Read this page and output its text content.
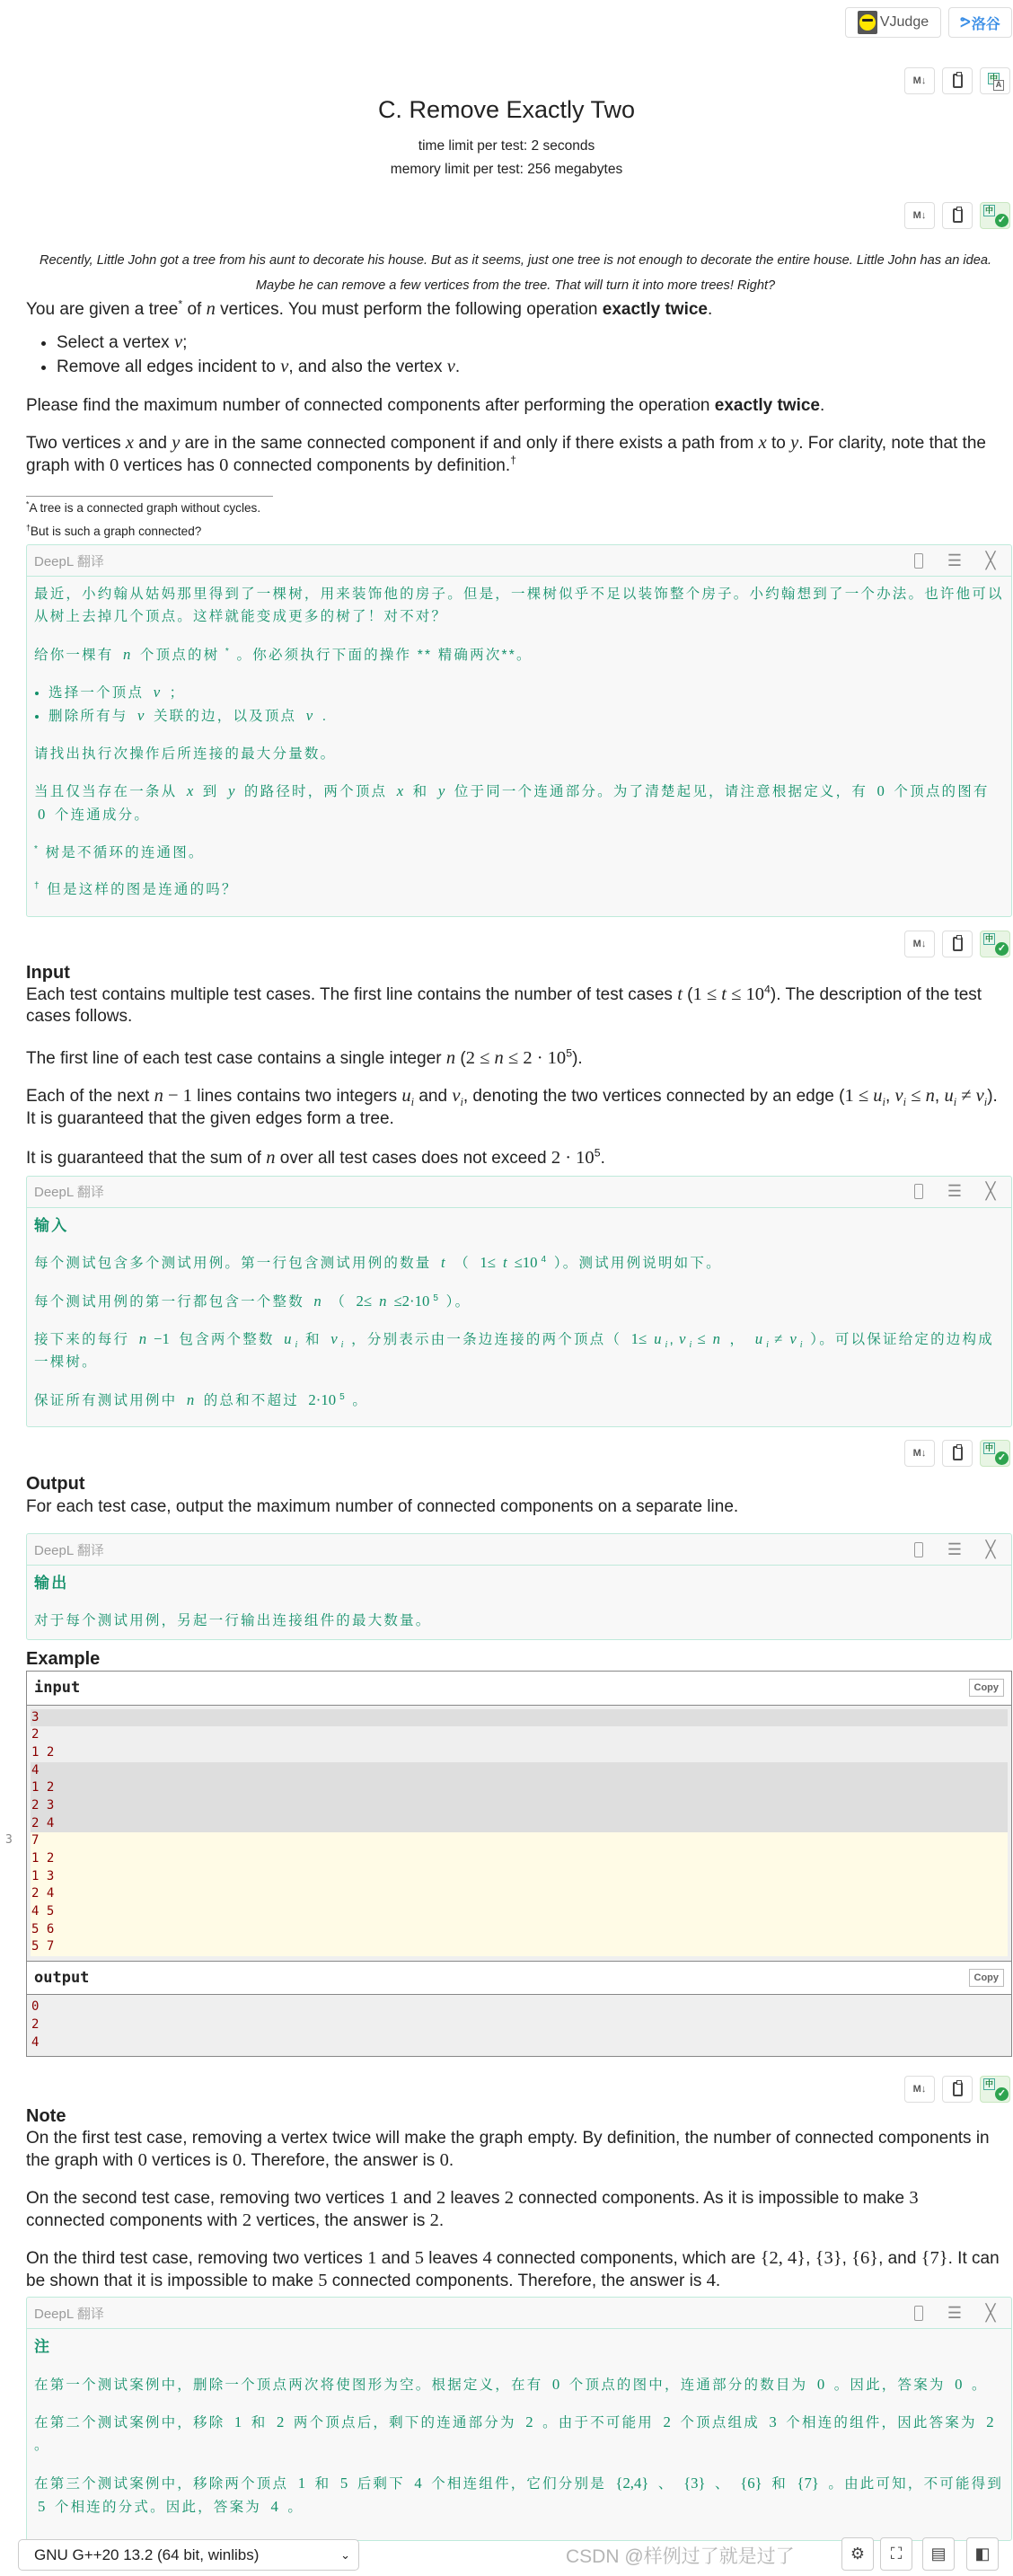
VJudge ᕗ 洛谷
M↓
中 A
C. Remove Exactly Two
time limit per test: 2 seconds
memory limit per test: 256 megabytes
M↓ 中	✓
Recently, Little John got a tree from his aunt to decorate his house. But as it seems, just one tree is not enough to decorate the entire house. Little John has an idea. Maybe he can remove a few vertices from the tree. That will turn it into more trees! Right?

You are given a tree* of n vertices. You must perform the following operation exactly twice.

• Select a vertex v;
• Remove all edges incident to v, and also the vertex v.

Please find the maximum number of connected components after performing the operation exactly twice.

Two vertices x and y are in the same connected component if and only if there exists a path from x to y. For clarity, note that the graph with 0 vertices has 0 connected components by definition.†

*A tree is a connected graph without cycles.
†But is such a graph connected?
DeepL 翻译	☰	╳

最近，小约翰从姑妈那里得到了一棵树，用来装饰他的房子。但是，一棵树似乎不足以装饰整个房子。小约翰想到了一个办法。也许他可以从树上去掉几个顶点。这样就能变成更多的树了！对不对？

给你一棵有 n 个顶点的树 * 。你必须执行下面的操作 ** 精确两次**。

• 选择一个顶点 v ；
• 删除所有与 v 关联的边，以及顶点 v .

请找出执行次操作后所连接的最大分量数。

当且仅当存在一条从 x 到 y 的路径时，两个顶点 x 和 y 位于同一个连通部分。为了清楚起见，请注意根据定义，有 0 个顶点的图有 0 个连通成分。

* 树是不循环的连通图。

† 但是这样的图是连通的吗？

M↓ 中	✓
Input

Each test contains multiple test cases. The first line contains the number of test cases t $(1 \le t \le 10^4)$. The description of the test cases follows.

The first line of each test case contains a single integer n $(2 \le n \le 2 \cdot 10^5)$.

Each of the next n − 1 lines contains two integers $u_i$ and $v_i$, denoting the two vertices connected by an edge ($1 \le u_i$, $v_i \le n$, $u_i \ne v_i$). It is guaranteed that the given edges form a tree.

It is guaranteed that the sum of n over all test cases does not exceed $2 \cdot 10^5$.

DeepL 翻译	☰	╳

输入

每个测试包含多个测试用例。第一行包含测试用例的数量 t （ 1≤ t ≤10 $^4$ ）。测试用例说明如下。

每个测试用例的第一行都包含一个整数 n （ 2≤ n ≤2·10 $^5$ ）。

接下来的每行 n −1 包含两个整数 u $_i$ 和 v $_i$ ，分别表示由一条边连接的两个顶点（ 1≤ u $_i$, v $_i$ ≤ n ， u $_i$ ≠ v $_i$ ）。可以保证给定的边构成一棵树。

保证所有测试用例中 n 的总和不超过 2·10 $^5$ 。

M↓ 中	✓
Output

For each test case, output the maximum number of connected components on a separate line.

DeepL 翻译	☰	╳

输出

对于每个测试用例，另起一行输出连接组件的最大数量。

Example
3
input	Copy
3
2
1 2
4
1 2
2 3
2 4
7
1 2
1 3
2 4
4 5
5 6
5 7
output	Copy
0
2
4
M↓ 中	✓
Note

On the first test case, removing a vertex twice will make the graph empty. By definition, the number of connected components in the graph with 0 vertices is 0. Therefore, the answer is 0.

On the second test case, removing two vertices 1 and 2 leaves 2 connected components. As it is impossible to make 3 connected components with 2 vertices, the answer is 2.

On the third test case, removing two vertices 1 and 5 leaves 4 connected components, which are {2, 4}, {3}, {6}, and {7}. It can be shown that it is impossible to make 5 connected components. Therefore, the answer is 4.

DeepL 翻译	☰	╳

注

在第一个测试案例中，删除一个顶点两次将使图形为空。根据定义，在有 0 个顶点的图中，连通部分的数目为 0 。因此，答案为 0 。

在第二个测试案例中，移除 1 和 2 两个顶点后，剩下的连通部分为 2 。由于不可能用 2 个顶点组成 3 个相连的组件，因此答案为 2 。

在第三个测试案例中，移除两个顶点 1 和 5 后剩下 4 个相连组件，它们分别是 {2,4} 、 {3} 、 {6} 和 {7} 。由此可知，不可能得到 5 个相连的分式。因此，答案为 4 。

GNU G++20 13.2 (64 bit, winlibs)	⌄	CSDN @样例过了就是过了	⚙ ⛶ ▤ ◧
